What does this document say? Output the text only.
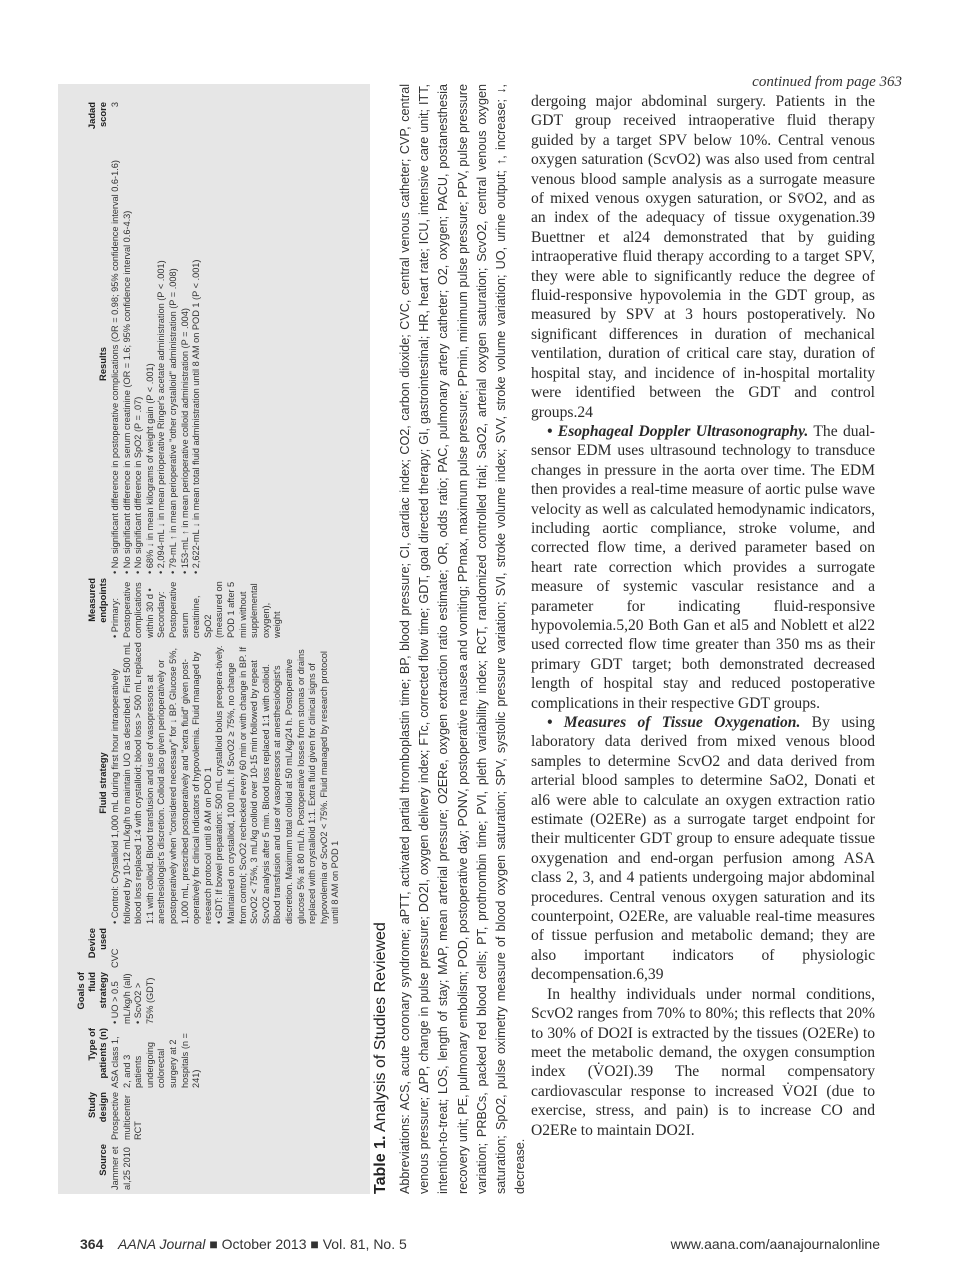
continued from page 363
Source
Study design
Type of patients (n)
Goals of fluid strategy
Device used
Fluid strategy
Measured endpoints
Results
Jadad score

Jammer et al,25 2010

Prospective multicenter RCT

ASA class 1, 2, and 3 patients undergoing colorectal surgery at 2 hospitals (n = 241)

• UO > 0.5 mL/kg/h (all) • ScvO2 > 75% (GDT)

CVC

• Control: Crystalloid 1,000 mL during first hour intraoperatively followed by 10-12 mL/kg/h to maintain UO as described. First 500 mL blood loss replaced 1:4 with crystalloid; blood loss > 500 mL replaced 1:1 with colloid. Blood transfusion and use of vasopressors at anesthesiologist's discretion. Colloid also given perioperatively or postoperatively when "considered necessary" for ↓ BP. Glucose 5%, 1,000 mL, prescribed postoperatively and "extra fluid" given post-operatively for clinical indicators of hypovolemia. Fluid managed by research protocol until 8 AM on POD 1 • GDT: If bowel preparation: 500 mL crystalloid bolus preopera-tively. Maintained on crystalloid, 100 mL/h. If ScvO2 ≥ 75%, no change from control; ScvO2 rechecked every 60 min or with change in BP. If ScvO2 < 75%, 3 mL/kg colloid over 10-15 min followed by repeat ScvO2 analysis after 5 min. Blood loss replaced 1:1 with colloid. Blood transfusion and use of vasopressors at anesthesiologist's discretion. Maximum total colloid at 50 mL/kg/24 h. Postoperative glucose 5% at 80 mL/h. Postoperative losses from stomas or drains replaced with crystalloid 1:1. Extra fluid given for clinical signs of hypovolemia or ScvO2 < 75%. Fluid managed by research protocol until 8 AM on POD 1

• Primary: Postoperative complications within 30 d • Secondary: Postoperative serum creatinine, SpO2 (measured on POD 1 after 5 min without supplemental oxygen), weight

• No significant difference in postoperative complications (OR = 0.98; 95% confidence interval 0.6-1.6) • No significant difference in serum creatinine (OR = 1.6; 95% confidence interval 0.6-4.3) • No significant difference in SpO2 (P = .07) • 68% ↓ in mean kilograms of weight gain (P < .001) • 2,094-mL ↓ in mean perioperative Ringer's acetate administration (P < .001) • 79-mL ↑ in mean perioperative "other crystalloid" administration (P = .008) • 153-mL ↑ in mean perioperative colloid administration (P = .004) • 2,622-mL ↓ in mean total fluid administration until 8 AM on POD 1 (P < .001)

3

Table 1. Analysis of Studies Reviewed Abbreviations: ACS, acute coronary syndrome; aPTT, activated partial thromboplastin time; BP, blood pressure; CI, cardiac index; CO2, carbon dioxide; CVC, central venous catheter; CVP, central venous pressure; ΔPP, change in pulse pressure; DO2I, oxygen delivery index; FTc, corrected flow time; GDT, goal directed therapy; GI, gastrointestinal; HR, heart rate; ICU, intensive care unit; ITT, intention-to-treat; LOS, length of stay; MAP, mean arterial pressure; O2ERe, oxygen extraction ratio estimate; OR, odds ratio; PAC, pulmonary artery catheter; O2, oxygen; PACU, postanesthesia recovery unit; PE, pulmonary embolism; POD, postoperative day; PONV, postoperative nausea and vomiting; PPmax, maximum pulse pressure; PPmin, minimum pulse pressure; PPV, pulse pressure variation; PRBCs, packed red blood cells; PT, prothrombin time; PVI, pleth variability index; RCT, randomized controlled trial; SaO2, arterial oxygen saturation; ScvO2, central venous oxygen saturation; SpO2, pulse oximetry measure of blood oxygen saturation; SPV, systolic pressure variation; SVI, stroke volume index; SVV, stroke volume variation; UO, urine output; ↑, increase; ↓, decrease.

dergoing major abdominal surgery. Patients in the GDT group received intraoperative fluid therapy guided by a target SPV below 10%. Central venous oxygen saturation (ScvO2) was also used from central venous blood sample analysis as a surrogate measure of mixed venous oxygen saturation, or Sv̄O2, and as an index of the adequacy of tissue oxygenation.39 Buettner et al24 demonstrated that by guiding intraoperative fluid therapy according to a target SPV, they were able to significantly reduce the degree of fluid-responsive hypovolemia in the GDT group, as measured by SPV at 3 hours postoperatively. No significant differences in duration of mechanical ventilation, duration of critical care stay, duration of hospital stay, and incidence of in-hospital mortality were identified between the GDT and control groups.24

• Esophageal Doppler Ultrasonography. The dual-sensor EDM uses ultrasound technology to transduce changes in pressure in the aorta over time. The EDM then provides a real-time measure of aortic pulse wave velocity as well as calculated hemodynamic indicators, including aortic compliance, stroke volume, and corrected flow time, a derived parameter based on heart rate correction which provides a surrogate measure of systemic vascular resistance and a parameter for indicating fluid-responsive hypovolemia.5,20 Both Gan et al5 and Noblett et al22 used corrected flow time greater than 350 ms as their primary GDT target; both demonstrated decreased length of hospital stay and reduced postoperative complications in their respective GDT groups.

• Measures of Tissue Oxygenation. By using laboratory data derived from mixed venous blood samples to determine ScvO2 and data derived from arterial blood samples to determine SaO2, Donati et al6 were able to calculate an oxygen extraction ratio estimate (O2ERe) as a surrogate target endpoint for their multicenter GDT group to ensure adequate tissue oxygenation and end-organ perfusion among ASA class 2, 3, and 4 patients undergoing major abdominal procedures. Central venous oxygen saturation and its counterpoint, O2ERe, are valuable real-time measures of tissue perfusion and metabolic demand; they are also important indicators of physiologic decompensation.6,39

In healthy individuals under normal conditions, ScvO2 ranges from 70% to 80%; this reflects that 20% to 30% of DO2I is extracted by the tissues (O2ERe) to meet the metabolic demand, the oxygen consumption index (V̇O2I).39 The normal compensatory cardiovascular response to increased V̇O2I (due to exercise, stress, and pain) is to increase CO and O2ERe to maintain DO2I.

364 AANA Journal ■ October 2013 ■ Vol. 81, No. 5	www.aana.com/aanajournalonline
